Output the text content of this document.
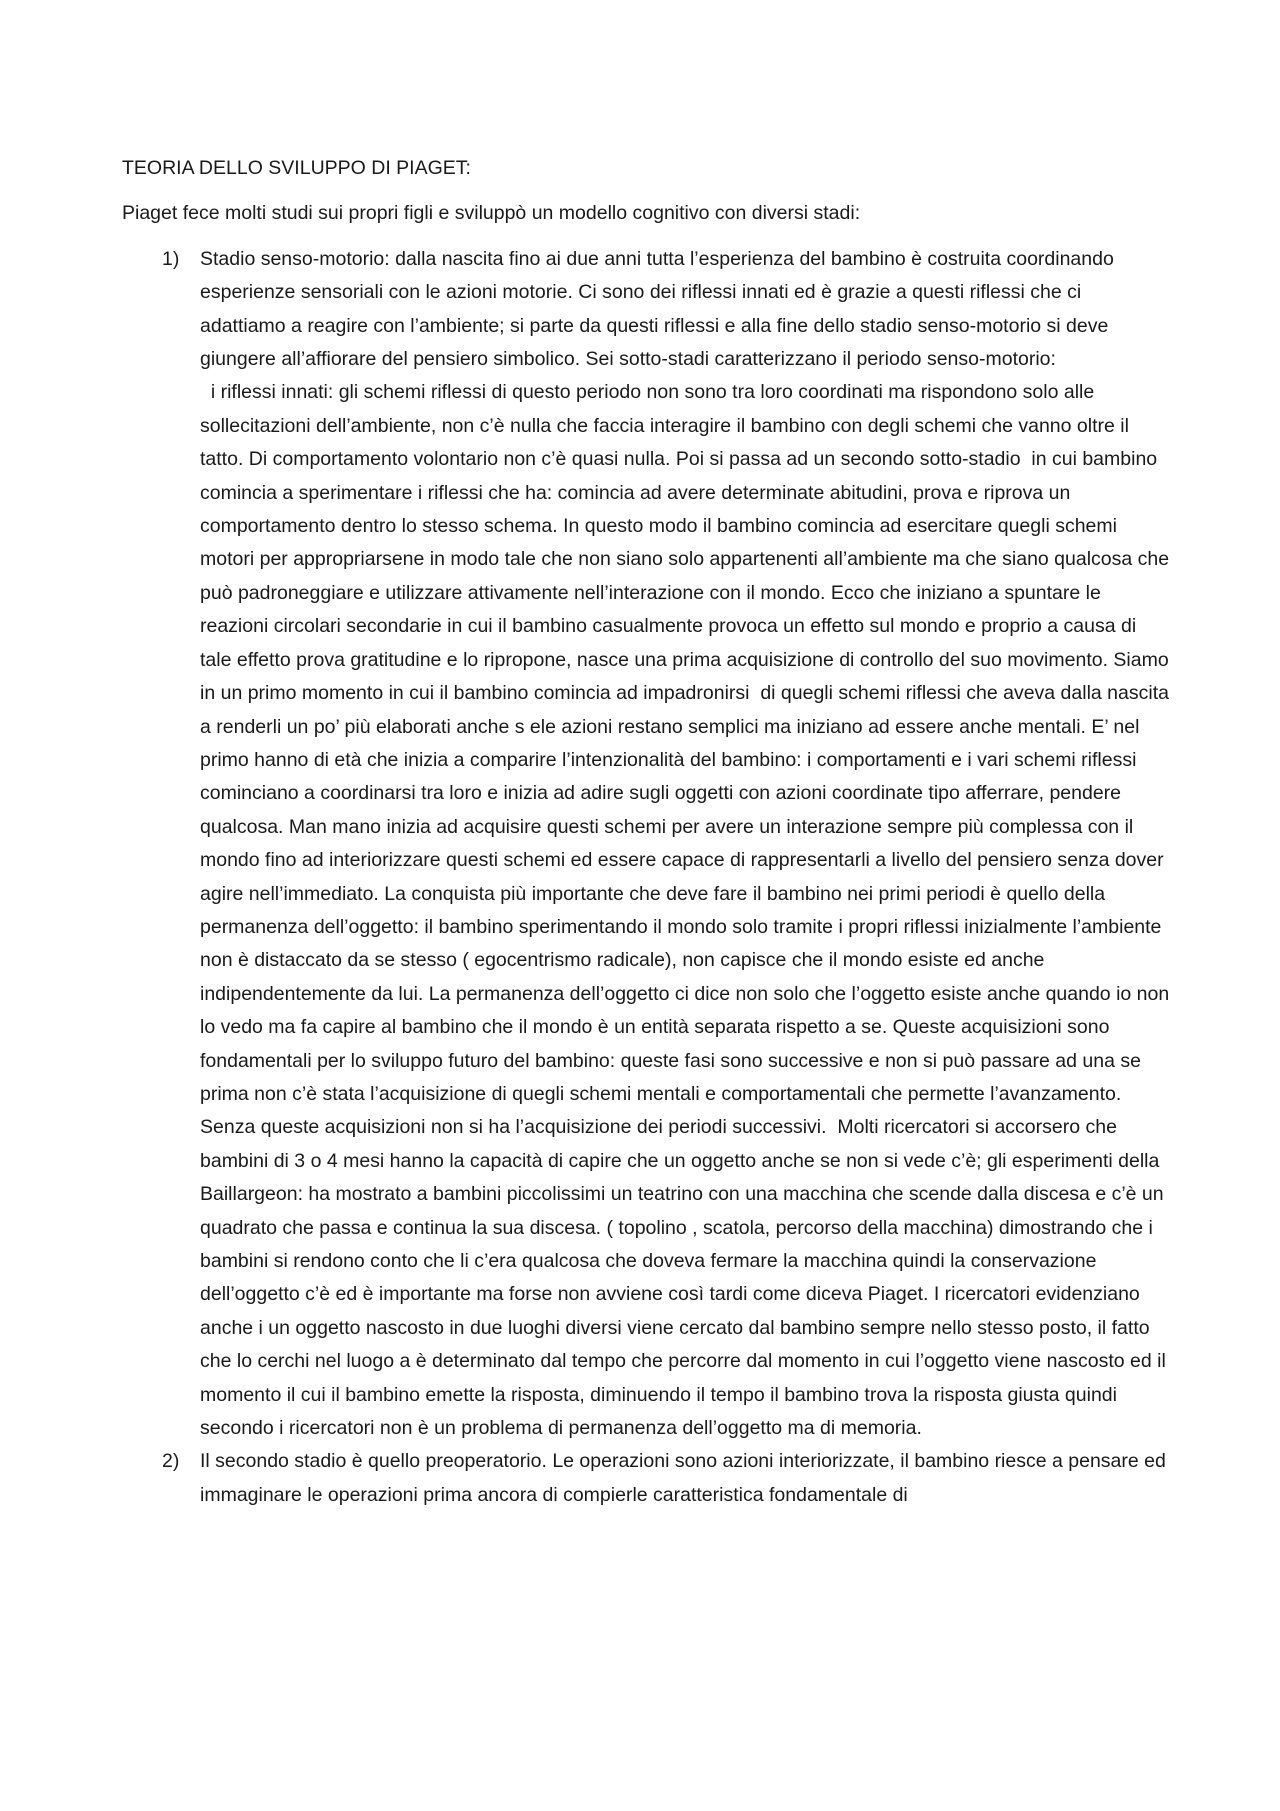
TEORIA DELLO SVILUPPO DI PIAGET:

Piaget fece molti studi sui propri figli e sviluppò un modello cognitivo con diversi stadi:

1) Stadio senso-motorio: dalla nascita fino ai due anni tutta l’esperienza del bambino è costruita coordinando esperienze sensoriali con le azioni motorie. Ci sono dei riflessi innati ed è grazie a questi riflessi che ci adattiamo a reagire con l’ambiente; si parte da questi riflessi e alla fine dello stadio senso-motorio si deve giungere all’affiorare del pensiero simbolico. Sei sotto-stadi caratterizzano il periodo senso-motorio:
i riflessi innati: gli schemi riflessi di questo periodo non sono tra loro coordinati ma rispondono solo alle sollecitazioni dell’ambiente, non c’è nulla che faccia interagire il bambino con degli schemi che vanno oltre il tatto. Di comportamento volontario non c’è quasi nulla. Poi si passa ad un secondo sotto-stadio  in cui bambino comincia a sperimentare i riflessi che ha: comincia ad avere determinate abitudini, prova e riprova un comportamento dentro lo stesso schema. In questo modo il bambino comincia ad esercitare quegli schemi motori per appropriarsene in modo tale che non siano solo appartenenti all’ambiente ma che siano qualcosa che può padroneggiare e utilizzare attivamente nell’interazione con il mondo. Ecco che iniziano a spuntare le reazioni circolari secondarie in cui il bambino casualmente provoca un effetto sul mondo e proprio a causa di tale effetto prova gratitudine e lo ripropone, nasce una prima acquisizione di controllo del suo movimento. Siamo in un primo momento in cui il bambino comincia ad impadronirsi  di quegli schemi riflessi che aveva dalla nascita a renderli un po’ più elaborati anche s ele azioni restano semplici ma iniziano ad essere anche mentali. E’ nel primo hanno di età che inizia a comparire l’intenzionalità del bambino: i comportamenti e i vari schemi riflessi cominciano a coordinarsi tra loro e inizia ad adire sugli oggetti con azioni coordinate tipo afferrare, pendere qualcosa. Man mano inizia ad acquisire questi schemi per avere un interazione sempre più complessa con il mondo fino ad interiorizzare questi schemi ed essere capace di rappresentarli a livello del pensiero senza dover agire nell’immediato. La conquista più importante che deve fare il bambino nei primi periodi è quello della permanenza dell’oggetto: il bambino sperimentando il mondo solo tramite i propri riflessi inizialmente l’ambiente non è distaccato da se stesso ( egocentrismo radicale), non capisce che il mondo esiste ed anche indipendentemente da lui. La permanenza dell’oggetto ci dice non solo che l’oggetto esiste anche quando io non lo vedo ma fa capire al bambino che il mondo è un entità separata rispetto a se. Queste acquisizioni sono fondamentali per lo sviluppo futuro del bambino: queste fasi sono successive e non si può passare ad una se prima non c’è stata l’acquisizione di quegli schemi mentali e comportamentali che permette l’avanzamento. Senza queste acquisizioni non si ha l’acquisizione dei periodi successivi.  Molti ricercatori si accorsero che bambini di 3 o 4 mesi hanno la capacità di capire che un oggetto anche se non si vede c’è; gli esperimenti della Baillargeon: ha mostrato a bambini piccolissimi un teatrino con una macchina che scende dalla discesa e c’è un quadrato che passa e continua la sua discesa. ( topolino , scatola, percorso della macchina) dimostrando che i bambini si rendono conto che li c’era qualcosa che doveva fermare la macchina quindi la conservazione dell’oggetto c’è ed è importante ma forse non avviene così tardi come diceva Piaget. I ricercatori evidenziano anche i un oggetto nascosto in due luoghi diversi viene cercato dal bambino sempre nello stesso posto, il fatto che lo cerchi nel luogo a è determinato dal tempo che percorre dal momento in cui l’oggetto viene nascosto ed il momento il cui il bambino emette la risposta, diminuendo il tempo il bambino trova la risposta giusta quindi secondo i ricercatori non è un problema di permanenza dell’oggetto ma di memoria.
2) Il secondo stadio è quello preoperatorio. Le operazioni sono azioni interiorizzate, il bambino riesce a pensare ed immaginare le operazioni prima ancora di compierle caratteristica fondamentale di
